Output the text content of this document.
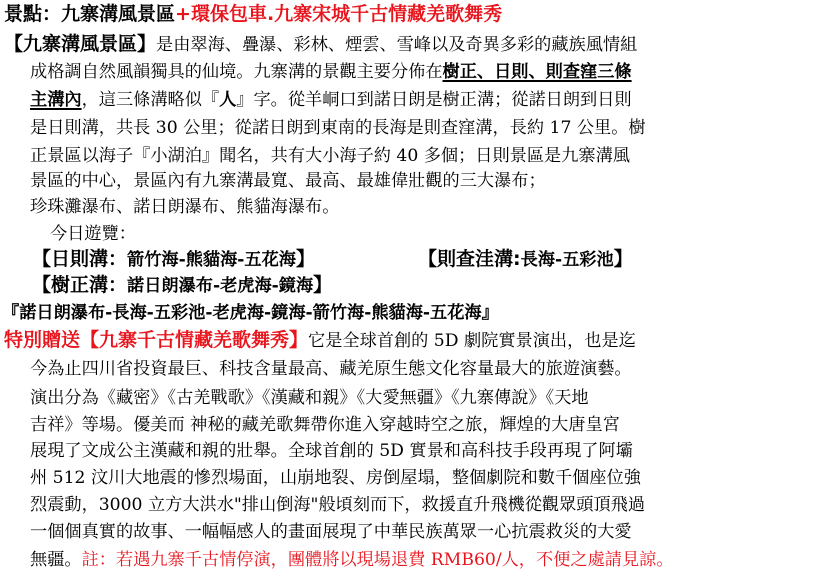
景點：九寨溝風景區+環保包車.九寨宋城千古情藏羌歌舞秀
【九寨溝風景區】是由翠海、疊瀑、彩林、煙雲、雪峰以及奇異多彩的藏族風情組
成格調自然風韻獨具的仙境。九寨溝的景觀主要分佈在樹正、日則、則查窪三條
主溝內，這三條溝略似『人』字。從羊峒口到諾日朗是樹正溝；從諾日朗到日則
是日則溝，共長 30 公里；從諾日朗到東南的長海是則查窪溝，長約 17 公里。樹
正景區以海子『小湖泊』聞名，共有大小海子約 40 多個；日則景區是九寨溝風
景區的中心，景區內有九寨溝最寬、最高、最雄偉壯觀的三大瀑布；
珍珠灘瀑布、諾日朗瀑布、熊貓海瀑布。
今日遊覽：
【日則溝：箭竹海-熊貓海-五花海】	【則查洼溝:長海-五彩池】
【樹正溝：諾日朗瀑布-老虎海-鏡海】
『諾日朗瀑布-長海-五彩池-老虎海-鏡海-箭竹海-熊貓海-五花海』
特別贈送【九寨千古情藏羌歌舞秀】它是全球首創的 5D 劇院實景演出，也是迄
今為止四川省投資最巨、科技含量最高、藏羌原生態文化容量最大的旅遊演藝。
演出分為《藏密》《古羌戰歌》《漢藏和親》《大愛無疆》《九寨傳說》《天地
吉祥》等場。優美而 神秘的藏羌歌舞帶你進入穿越時空之旅，輝煌的大唐皇宮
展現了文成公主漢藏和親的壯舉。全球首創的 5D 實景和高科技手段再現了阿壩
州 512 汶川大地震的慘烈場面，山崩地裂、房倒屋塌，整個劇院和數千個座位強
烈震動，3000 立方大洪水"排山倒海"般頃刻而下，救援直升飛機從觀眾頭頂飛過
一個個真實的故事、一幅幅感人的畫面展現了中華民族萬眾一心抗震救災的大愛
無疆。註：若遇九寨千古情停演，團體將以現場退費 RMB60/人，不便之處請見諒。
